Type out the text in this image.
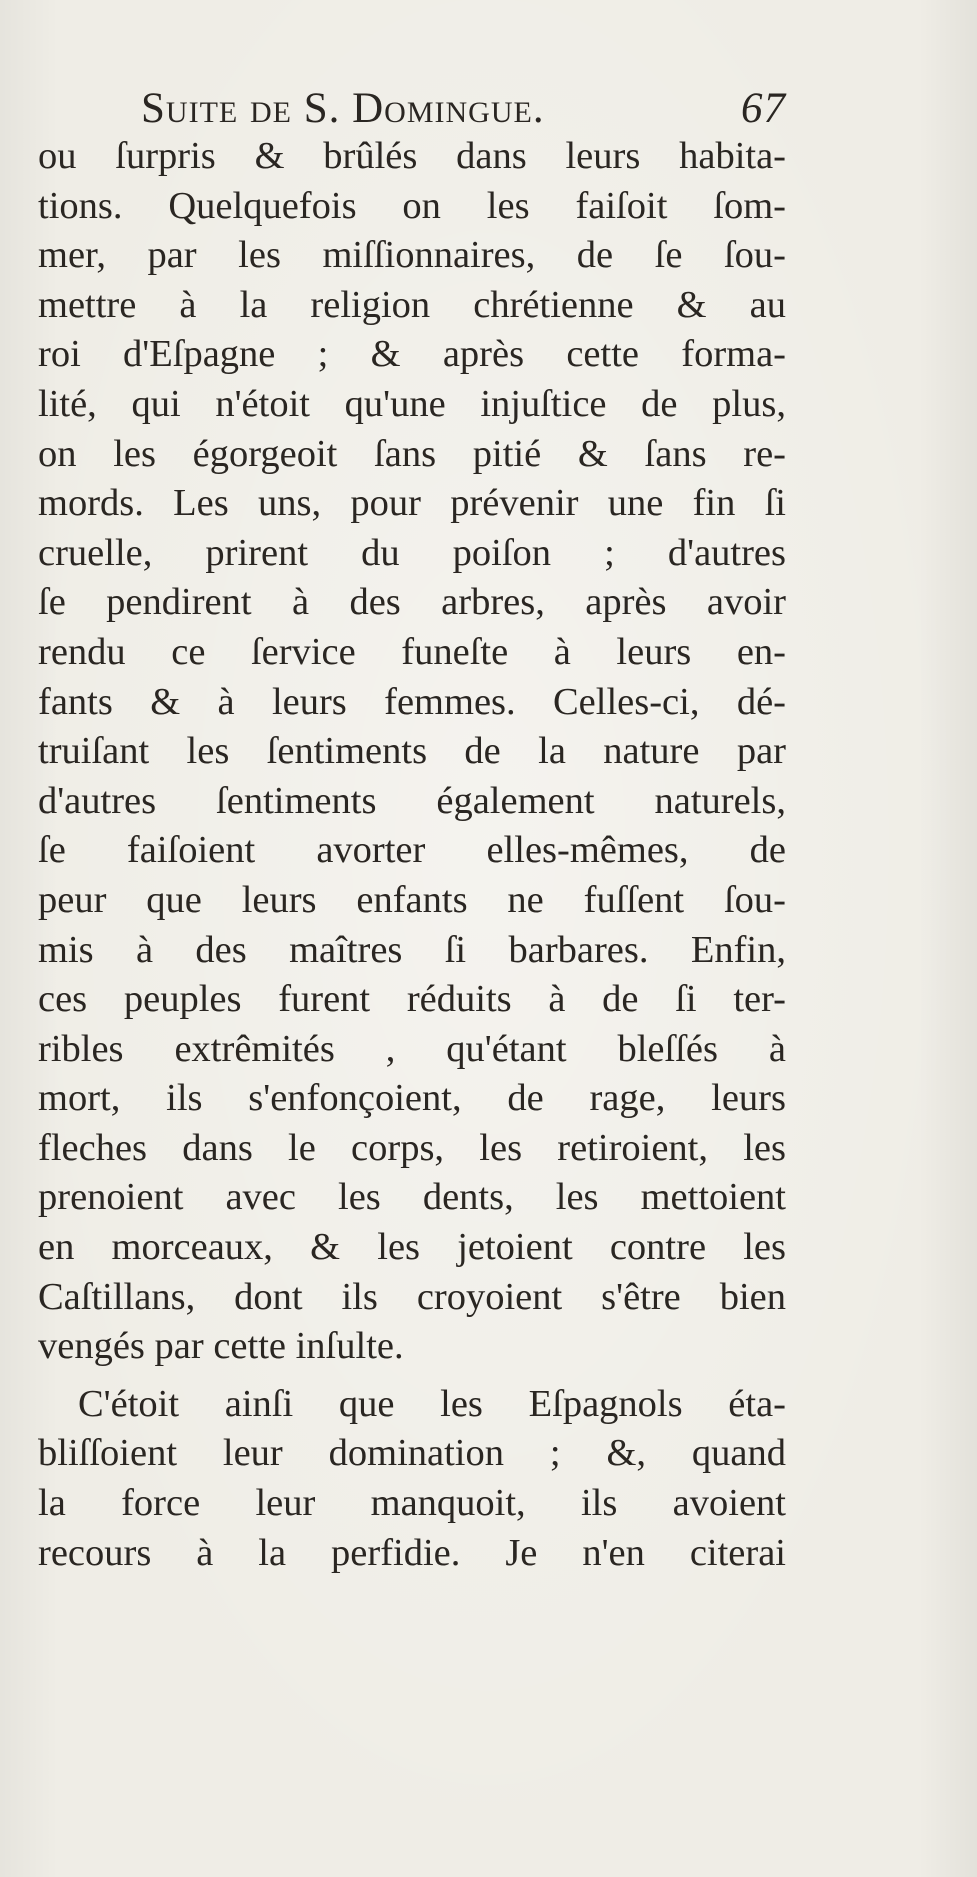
Suite de S. Domingue.	67
ou ſurpris & brûlés dans leurs habita-
tions. Quelquefois on les faiſoit ſom-
mer, par les miſſionnaires, de ſe ſou-
mettre à la religion chrétienne & au
roi d'Eſpagne ; & après cette forma-
lité, qui n'étoit qu'une injuſtice de plus,
on les égorgeoit ſans pitié & ſans re-
mords. Les uns, pour prévenir une fin ſi
cruelle, prirent du poiſon ; d'autres
ſe pendirent à des arbres, après avoir
rendu ce ſervice funeſte à leurs en-
fants & à leurs femmes. Celles-ci, dé-
truiſant les ſentiments de la nature par
d'autres ſentiments également naturels,
ſe faiſoient avorter elles-mêmes, de
peur que leurs enfants ne fuſſent ſou-
mis à des maîtres ſi barbares. Enfin,
ces peuples furent réduits à de ſi ter-
ribles extrêmités , qu'étant bleſſés à
mort, ils s'enfonçoient, de rage, leurs
fleches dans le corps, les retiroient, les
prenoient avec les dents, les mettoient
en morceaux, & les jetoient contre les
Caſtillans, dont ils croyoient s'être bien
vengés par cette inſulte.
C'étoit ainſi que les Eſpagnols éta-
bliſſoient leur domination ; &, quand
la force leur manquoit, ils avoient
recours à la perfidie. Je n'en citerai
